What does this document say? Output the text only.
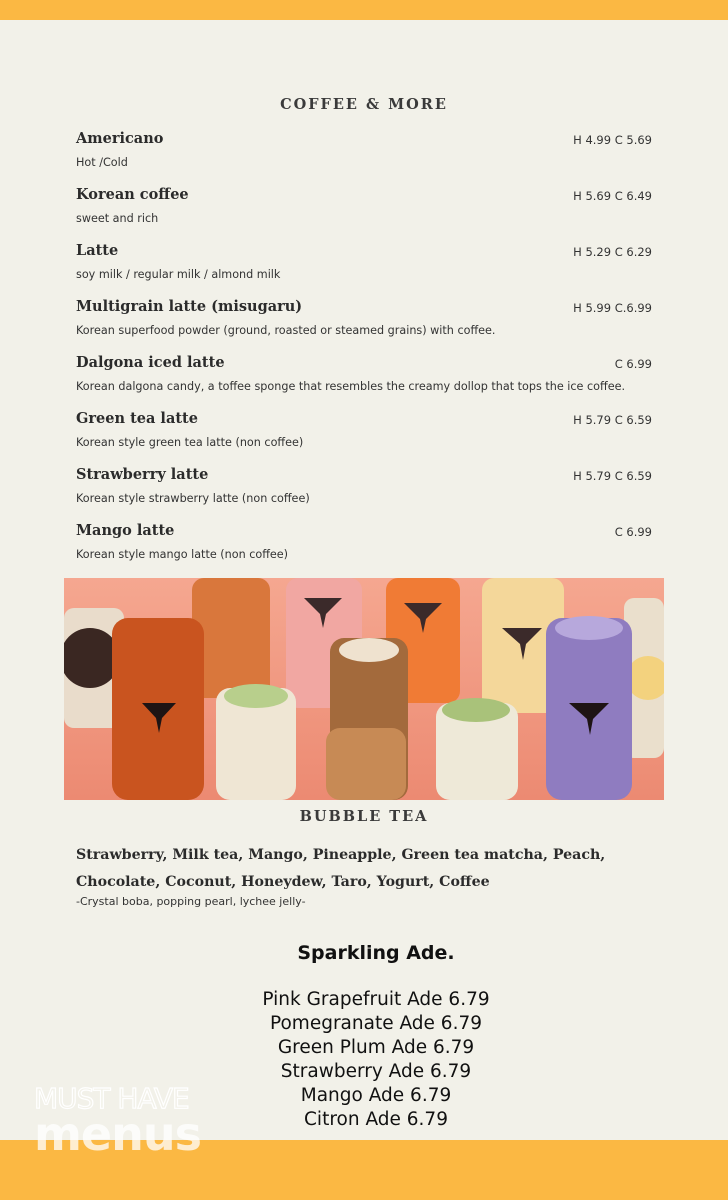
COFFEE & MORE
Americano	H 4.99 C 5.69
Hot /Cold
Korean coffee	H 5.69 C 6.49
sweet and rich
Latte	H 5.29 C 6.29
soy milk / regular milk / almond milk
Multigrain latte (misugaru)	H 5.99 C.6.99
Korean superfood powder (ground, roasted or steamed grains) with coffee.
Dalgona iced latte	C 6.99
Korean dalgona candy, a toffee sponge that resembles the creamy dollop that tops the ice coffee.
Green tea latte	H 5.79 C 6.59
Korean style green tea latte (non coffee)
Strawberry latte	H 5.79 C 6.59
Korean style strawberry latte (non coffee)
Mango latte	C 6.99
Korean style mango latte (non coffee)
BUBBLE TEA
Strawberry, Milk tea, Mango, Pineapple, Green tea matcha, Peach, Chocolate, Coconut, Honeydew, Taro, Yogurt, Coffee
-Crystal boba, popping pearl, lychee jelly-
Sparkling Ade.
Pink Grapefruit Ade 6.79
Pomegranate Ade 6.79
Green Plum Ade 6.79
Strawberry Ade 6.79
Mango Ade 6.79
Citron Ade 6.79
MUST HAVE
menus
